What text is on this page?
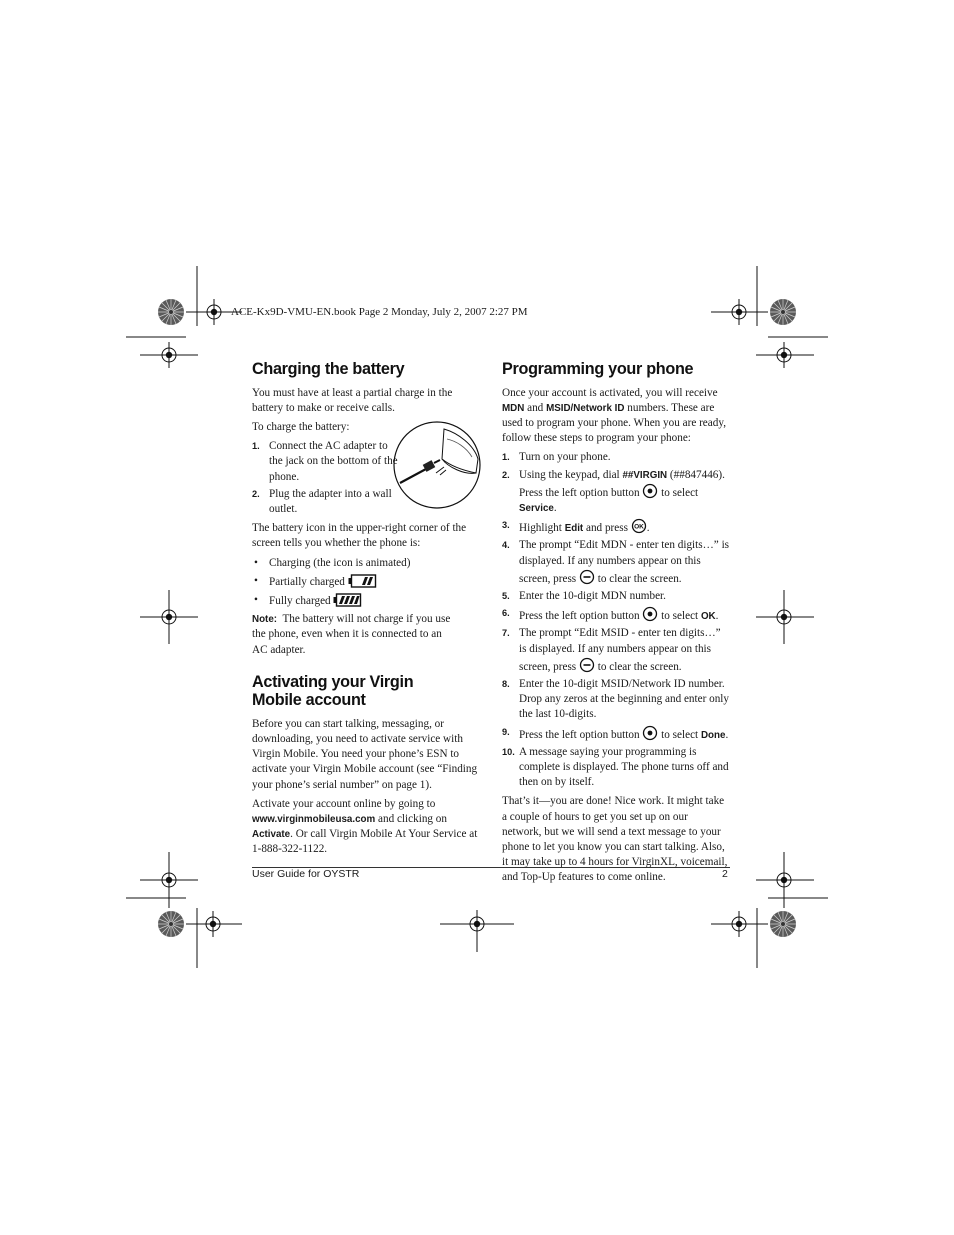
ACE-Kx9D-VMU-EN.book Page 2 Monday, July 2, 2007 2:27 PM
Charging the battery

You must have at least a partial charge in the battery to make or receive calls.

To charge the battery:

1. Connect the AC adapter to the jack on the bottom of the phone.
2. Plug the adapter into a wall outlet.

The battery icon in the upper-right corner of the screen tells you whether the phone is:

• Charging (the icon is animated)
• Partially charged
• Fully charged

Note: The battery will not charge if you use the phone, even when it is connected to an AC adapter.

Activating your Virgin
Mobile account

Before you can start talking, messaging, or downloading, you need to activate service with Virgin Mobile. You need your phone’s ESN to activate your Virgin Mobile account (see “Finding your phone’s serial number” on page 1).

Activate your account online by going to www.virginmobileusa.com and clicking on Activate. Or call Virgin Mobile At Your Service at 1-888-322-1122.

Programming your phone

Once your account is activated, you will receive MDN and MSID/Network ID numbers. These are used to program your phone. When you are ready, follow these steps to program your phone:

1. Turn on your phone.
2. Using the keypad, dial ##VIRGIN (##847446). Press the left option button to select Service.
3. Highlight Edit and press OK .
4. The prompt “Edit MDN - enter ten digits…” is displayed. If any numbers appear on this screen, press to clear the screen.
5. Enter the 10-digit MDN number.
6. Press the left option button to select OK.
7. The prompt “Edit MSID - enter ten digits…” is displayed. If any numbers appear on this screen, press to clear the screen.
8. Enter the 10-digit MSID/Network ID number. Drop any zeros at the beginning and enter only the last 10-digits.
9. Press the left option button to select Done.
10. A message saying your programming is complete is displayed. The phone turns off and then on by itself.

That’s it—you are done! Nice work. It might take a couple of hours to get you set up on our network, but we will send a text message to your phone to let you know you can start talking. Also, it may take up to 4 hours for VirginXL, voicemail, and Top-Up features to come online.

User Guide for OYSTR	2
